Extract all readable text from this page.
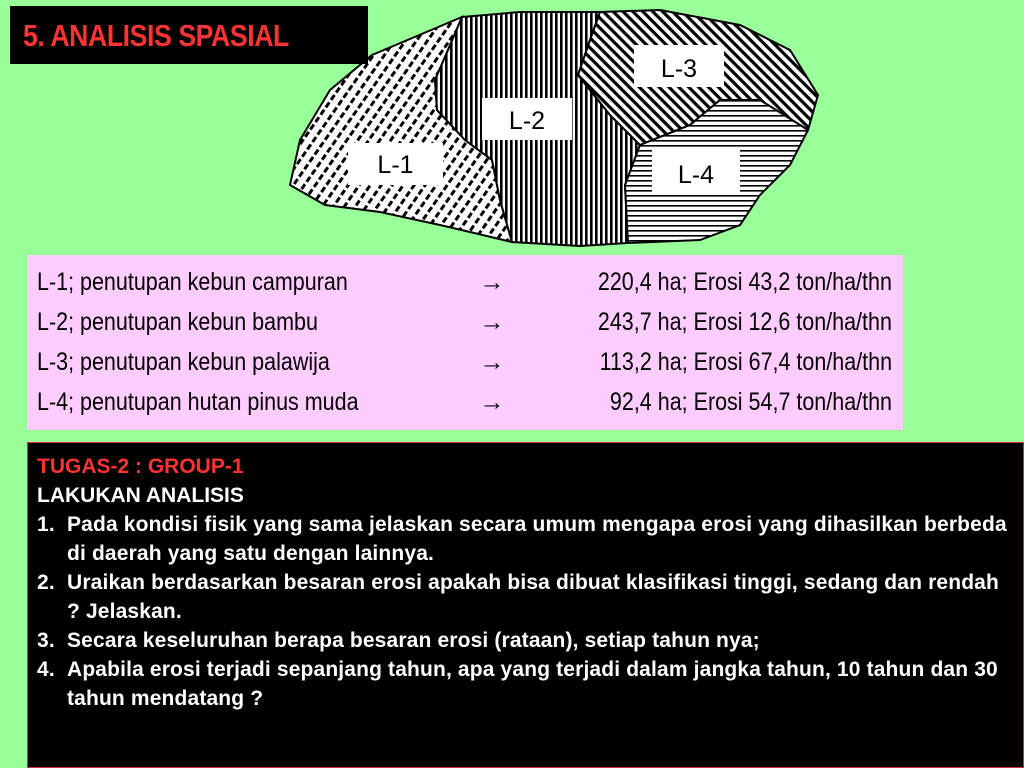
L-1
L-2
L-3
L-4
5. ANALISIS SPASIAL
L-1; penutupan kebun campuran	→	220,4 ha; Erosi 43,2 ton/ha/thn
L-2; penutupan kebun bambu	→	243,7 ha; Erosi 12,6 ton/ha/thn
L-3; penutupan kebun palawija	→	113,2 ha; Erosi 67,4 ton/ha/thn
L-4; penutupan hutan pinus muda	→	92,4 ha; Erosi 54,7 ton/ha/thn
TUGAS-2 : GROUP-1
LAKUKAN ANALISIS
1. Pada kondisi fisik yang sama jelaskan secara umum mengapa erosi yang dihasilkan berbeda di daerah yang satu dengan lainnya.
2. Uraikan berdasarkan besaran erosi apakah bisa dibuat klasifikasi tinggi, sedang dan rendah ? Jelaskan.
3. Secara keseluruhan berapa besaran erosi (rataan), setiap tahun nya;
4. Apabila erosi terjadi sepanjang tahun, apa yang terjadi dalam jangka tahun, 10 tahun dan 30 tahun mendatang ?
